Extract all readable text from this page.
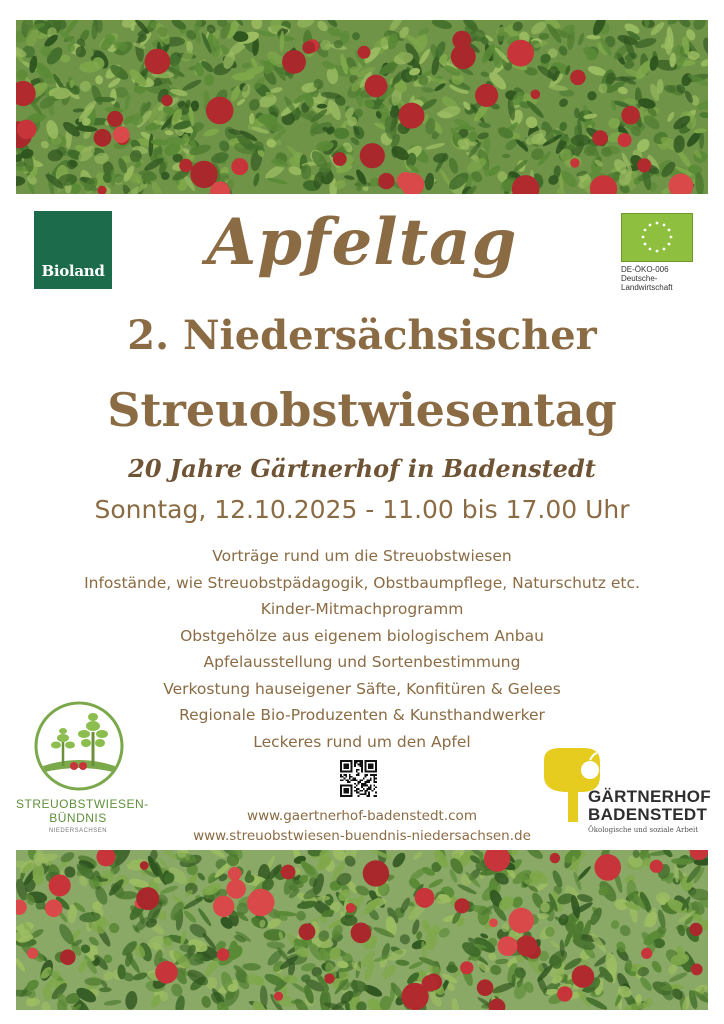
Bioland	DE-ÖKO-006
Deutsche-
Landwirtschaft
Apfeltag
2. Niedersächsischer
Streuobstwiesentag
20 Jahre Gärtnerhof in Badenstedt
Sonntag, 12.10.2025 - 11.00 bis 17.00 Uhr
Vorträge rund um die Streuobstwiesen
Infostände, wie Streuobstpädagogik, Obstbaumpflege, Naturschutz etc.
Kinder-Mitmachprogramm
Obstgehölze aus eigenem biologischem Anbau
Apfelausstellung und Sortenbestimmung
Verkostung hauseigener Säfte, Konfitüren & Gelees
Regionale Bio-Produzenten & Kunsthandwerker
Leckeres rund um den Apfel
STREUOBSTWIESEN-
BÜNDNIS
NIEDERSACHSEN
www.gaertnerhof-badenstedt.com
www.streuobstwiesen-buendnis-niedersachsen.de
GÄRTNERHOF
BADENSTEDT
Ökologische und soziale Arbeit
